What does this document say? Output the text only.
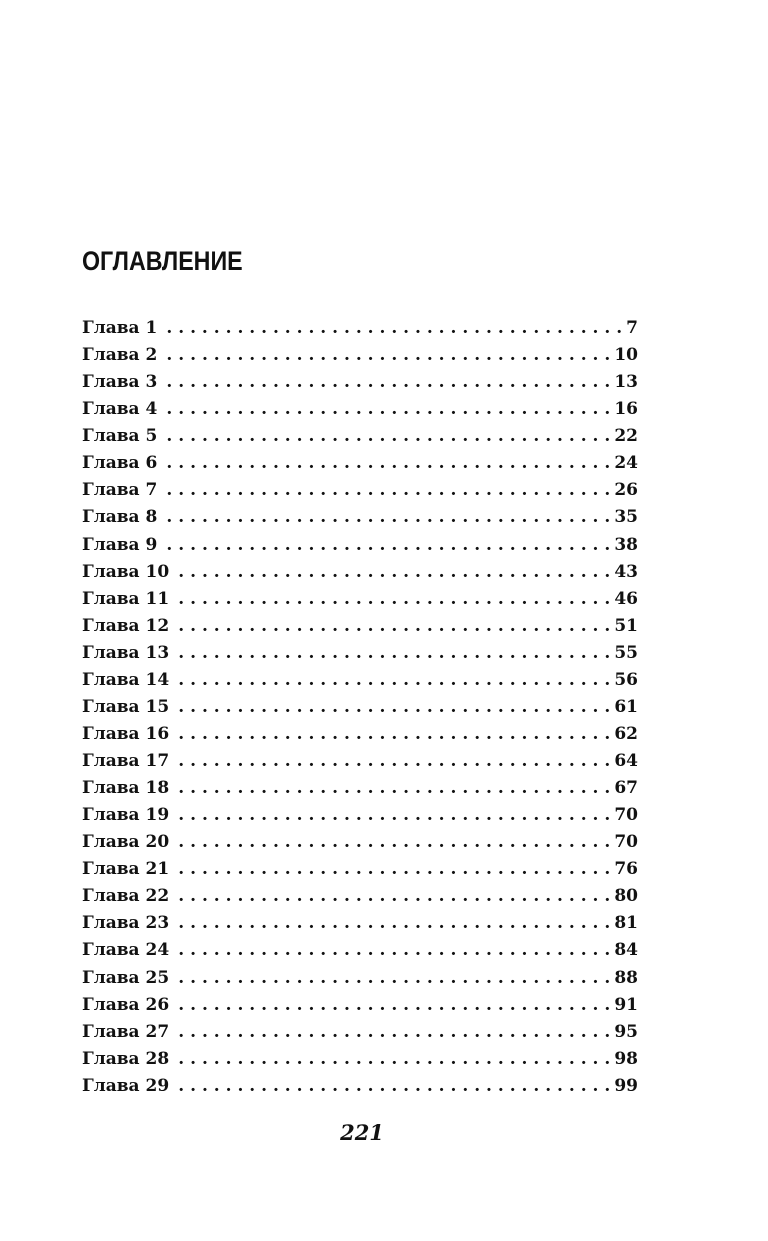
ОГЛАВЛЕНИЕ
Глава 1 . . .	7
Глава 2 . . .	10
Глава 3 . . .	13
Глава 4 . . .	16
Глава 5 . . .	22
Глава 6 . . .	24
Глава 7 . . .	26
Глава 8 . . .	35
Глава 9 . . .	38
Глава 10 . . .	43
Глава 11 . . .	46
Глава 12 . . .	51
Глава 13 . . .	55
Глава 14 . . .	56
Глава 15 . . .	61
Глава 16 . . .	62
Глава 17 . . .	64
Глава 18 . . .	67
Глава 19 . . .	70
Глава 20 . . .	70
Глава 21 . . .	76
Глава 22 . . .	80
Глава 23 . . .	81
Глава 24 . . .	84
Глава 25 . . .	88
Глава 26 . . .	91
Глава 27 . . .	95
Глава 28 . . .	98
Глава 29 . . .	99
221
